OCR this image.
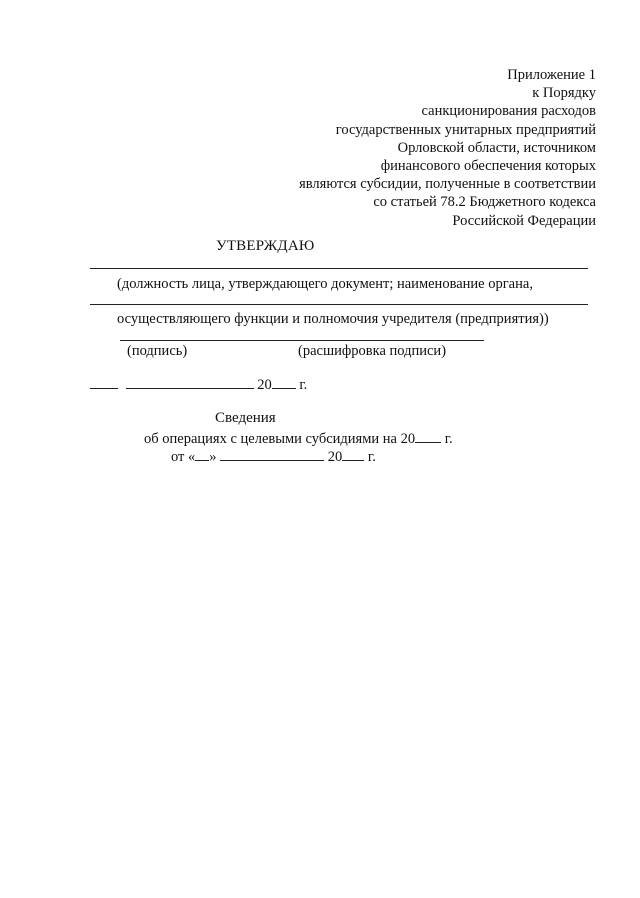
Приложение 1
к Порядку
санкционирования расходов
государственных унитарных предприятий
Орловской области, источником
финансового обеспечения которых
являются субсидии, полученные в соответствии
со статьей 78.2 Бюджетного кодекса
Российской Федерации
УТВЕРЖДАЮ
(должность лица, утверждающего документ; наименование органа,
осуществляющего функции и полномочия учредителя (предприятия))
(подпись)	(расшифровка подписи)
20 г.
Сведения
об операциях с целевыми субсидиями на 20 г.
от « »	20 г.
